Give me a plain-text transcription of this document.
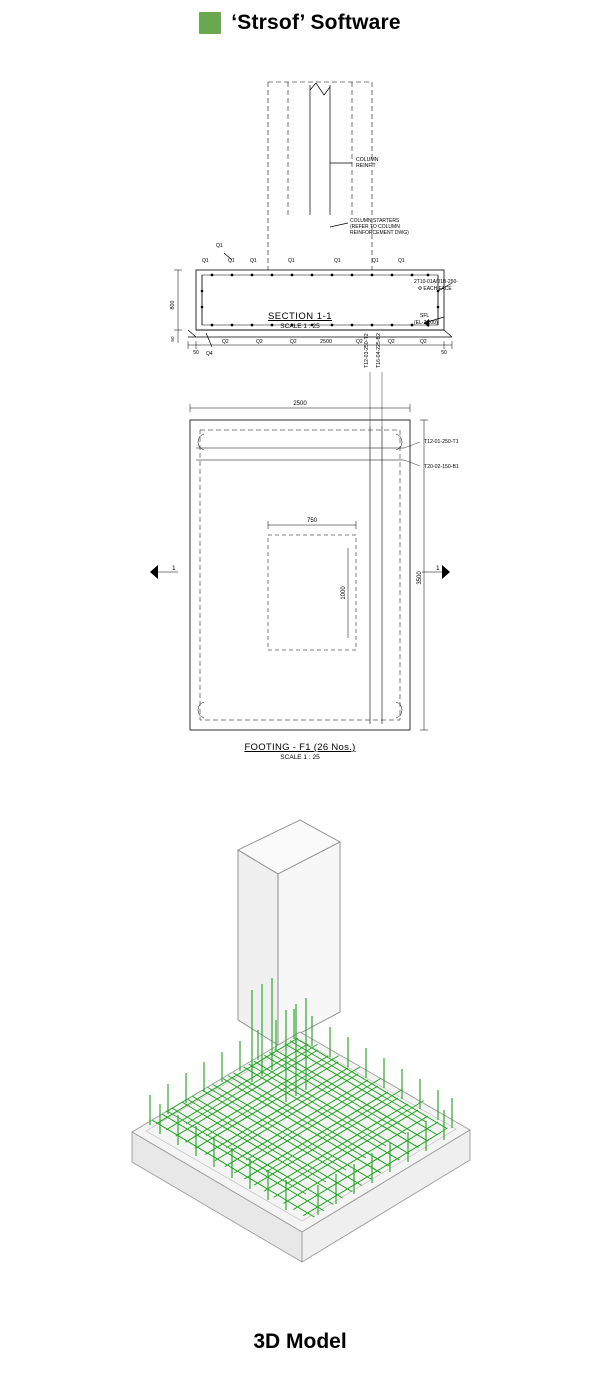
‘Strsof’ Software
COLUMN
REINF'T
COLUMN STARTERS
(REFER TO COLUMN
REINFORCEMENT DWG)
2T10-01A/01B-250-
Φ EACH FACE
SFL
(EL-2.000)
Q1	Q1	Q1	Q1	Q1	Q1	Q1
Q1
50	50
Q2	Q2	Q2	2500	Q2	Q2	Q2
Q4
800
50
SECTION 1-1
SCALE 1 : 25
2500
3500
750
1000
1	1
T12-01-250-T1
T20-02-150-B1
T12-03-250-T2 T16-04-225-B2
FOOTING - F1 (26 Nos.)
SCALE 1 : 25
3D Model
